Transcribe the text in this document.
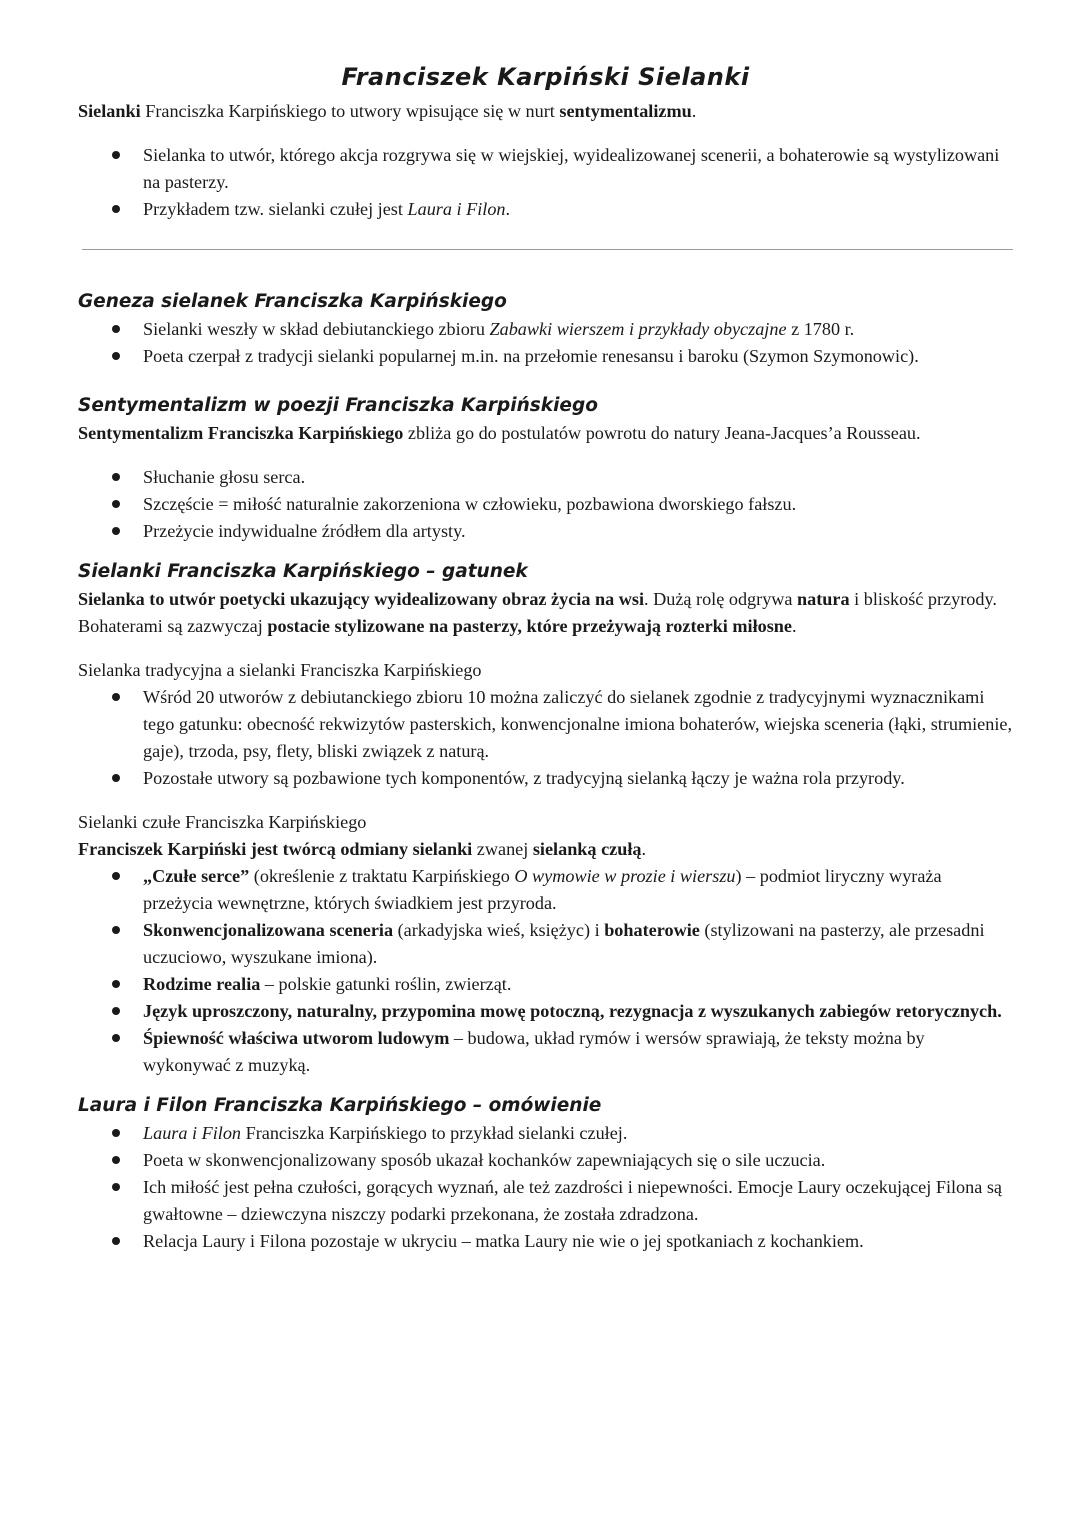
Franciszek Karpiński Sielanki

Sielanki Franciszka Karpińskiego to utwory wpisujące się w nurt sentymentalizmu.

Sielanka to utwór, którego akcja rozgrywa się w wiejskiej, wyidealizowanej scenerii, a bohaterowie są wystylizowani na pasterzy.
Przykładem tzw. sielanki czułej jest Laura i Filon.
Geneza sielanek Franciszka Karpińskiego
Sielanki weszły w skład debiutanckiego zbioru Zabawki wierszem i przykłady obyczajne z 1780 r.
Poeta czerpał z tradycji sielanki popularnej m.in. na przełomie renesansu i baroku (Szymon Szymonowic).
Sentymentalizm w poezji Franciszka Karpińskiego

Sentymentalizm Franciszka Karpińskiego zbliża go do postulatów powrotu do natury Jeana-Jacques’a Rousseau.

Słuchanie głosu serca.
Szczęście = miłość naturalnie zakorzeniona w człowieku, pozbawiona dworskiego fałszu.
Przeżycie indywidualne źródłem dla artysty.
Sielanki Franciszka Karpińskiego – gatunek

Sielanka to utwór poetycki ukazujący wyidealizowany obraz życia na wsi. Dużą rolę odgrywa natura i bliskość przyrody. Bohaterami są zazwyczaj postacie stylizowane na pasterzy, które przeżywają rozterki miłosne.

Sielanka tradycyjna a sielanki Franciszka Karpińskiego

Wśród 20 utworów z debiutanckiego zbioru 10 można zaliczyć do sielanek zgodnie z tradycyjnymi wyznacznikami tego gatunku: obecność rekwizytów pasterskich, konwencjonalne imiona bohaterów, wiejska sceneria (łąki, strumienie, gaje), trzoda, psy, flety, bliski związek z naturą.
Pozostałe utwory są pozbawione tych komponentów, z tradycyjną sielanką łączy je ważna rola przyrody.

Sielanki czułe Franciszka Karpińskiego

Franciszek Karpiński jest twórcą odmiany sielanki zwanej sielanką czułą.

„Czułe serce” (określenie z traktatu Karpińskiego O wymowie w prozie i wierszu) – podmiot liryczny wyraża przeżycia wewnętrzne, których świadkiem jest przyroda.
Skonwencjonalizowana sceneria (arkadyjska wieś, księżyc) i bohaterowie (stylizowani na pasterzy, ale przesadni uczuciowo, wyszukane imiona).
Rodzime realia – polskie gatunki roślin, zwierząt.
Język uproszczony, naturalny, przypomina mowę potoczną, rezygnacja z wyszukanych zabiegów retorycznych.
Śpiewność właściwa utworom ludowym – budowa, układ rymów i wersów sprawiają, że teksty można by wykonywać z muzyką.
Laura i Filon Franciszka Karpińskiego – omówienie
Laura i Filon Franciszka Karpińskiego to przykład sielanki czułej.
Poeta w skonwencjonalizowany sposób ukazał kochanków zapewniających się o sile uczucia.
Ich miłość jest pełna czułości, gorących wyznań, ale też zazdrości i niepewności. Emocje Laury oczekującej Filona są gwałtowne – dziewczyna niszczy podarki przekonana, że została zdradzona.
Relacja Laury i Filona pozostaje w ukryciu – matka Laury nie wie o jej spotkaniach z kochankiem.
